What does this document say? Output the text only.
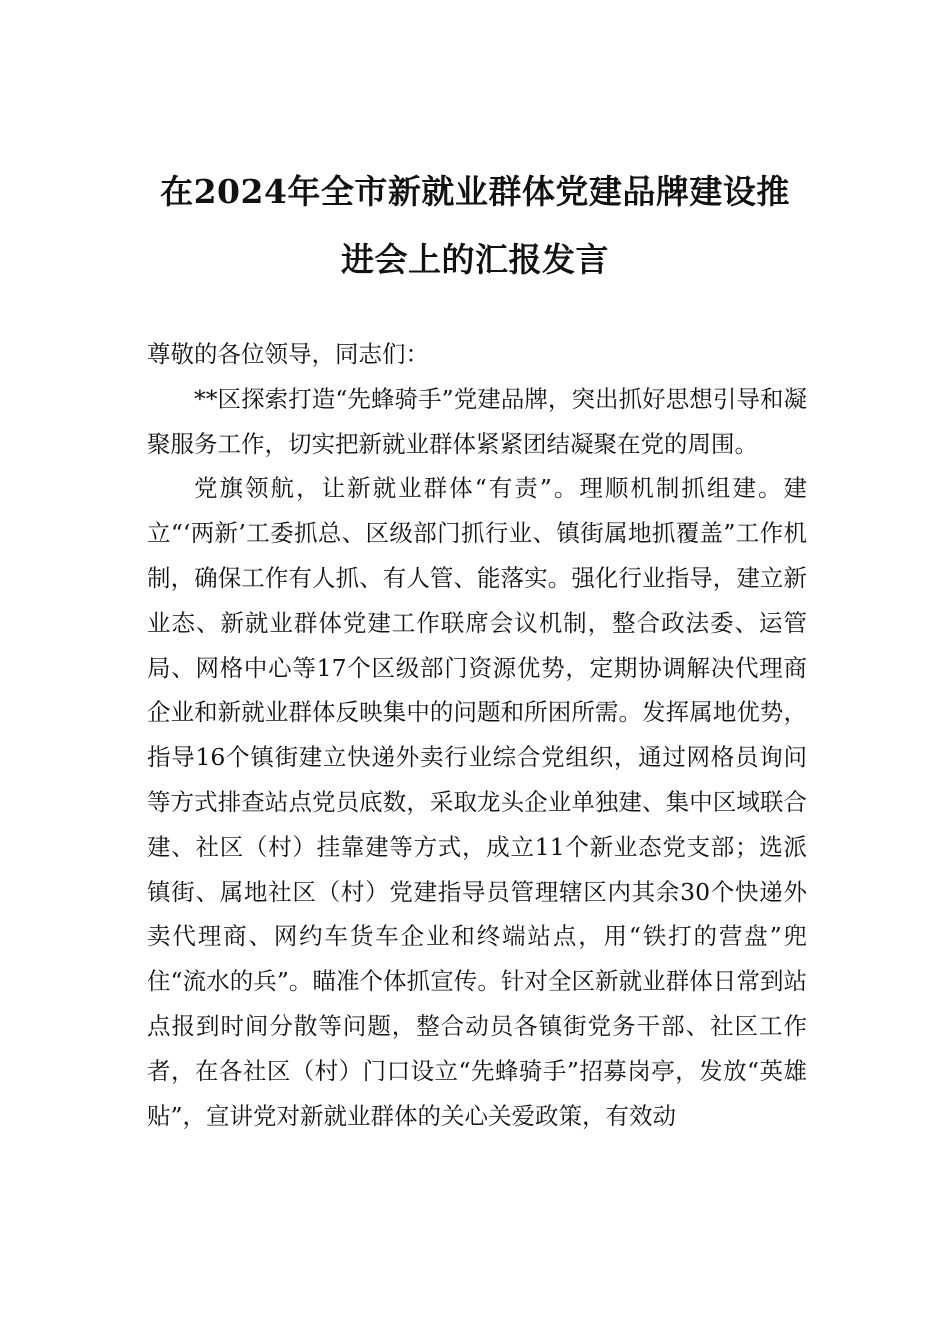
在2024年全市新就业群体党建品牌建设推
进会上的汇报发言

尊敬的各位领导，同志们：

**区探索打造“先蜂骑手”党建品牌，突出抓好思想引导和凝聚服务工作，切实把新就业群体紧紧团结凝聚在党的周围。

党旗领航，让新就业群体“有责”。理顺机制抓组建。建立“‘两新’工委抓总、区级部门抓行业、镇街属地抓覆盖”工作机制，确保工作有人抓、有人管、能落实。强化行业指导，建立新业态、新就业群体党建工作联席会议机制，整合政法委、运管局、网格中心等17个区级部门资源优势，定期协调解决代理商企业和新就业群体反映集中的问题和所困所需。发挥属地优势，指导16个镇街建立快递外卖行业综合党组织，通过网格员询问等方式排查站点党员底数，采取龙头企业单独建、集中区域联合建、社区（村）挂靠建等方式，成立11个新业态党支部；选派镇街、属地社区（村）党建指导员管理辖区内其余30个快递外卖代理商、网约车货车企业和终端站点，用“铁打的营盘”兜住“流水的兵”。瞄准个体抓宣传。针对全区新就业群体日常到站点报到时间分散等问题，整合动员各镇街党务干部、社区工作者，在各社区（村）门口设立“先蜂骑手”招募岗亭，发放“英雄贴”，宣讲党对新就业群体的关心关爱政策，有效动
